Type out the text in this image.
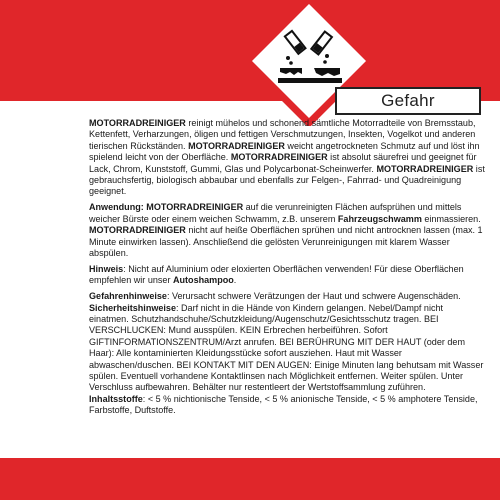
Gefahr

MOTORRADREINIGER reinigt mühelos und schonend sämtliche Motorradteile von Bremsstaub, Kettenfett, Verharzungen, öligen und fettigen Verschmutzungen, Insekten, Vogelkot und anderen tierischen Rückständen. MOTORRADREINIGER weicht angetrockneten Schmutz auf und löst ihn spielend leicht von der Oberfläche. MOTORRADREINIGER ist absolut säurefrei und geeignet für Lack, Chrom, Kunststoff, Gummi, Glas und Polycarbonat-Scheinwerfer. MOTORRADREINIGER ist gebrauchsfertig, biologisch abbaubar und ebenfalls zur Felgen-, Fahrrad- und Quadreinigung geeignet.

Anwendung: MOTORRADREINIGER auf die verunreinigten Flächen aufsprühen und mittels weicher Bürste oder einem weichen Schwamm, z.B. unserem Fahrzeugschwamm einmassieren. MOTORRADREINIGER nicht auf heiße Oberflächen sprühen und nicht antrocknen lassen (max. 1 Minute einwirken lassen). Anschließend die gelösten Verunreinigungen mit klarem Wasser abspülen.

Hinweis: Nicht auf Aluminium oder eloxierten Oberflächen verwenden! Für diese Oberflächen empfehlen wir unser Autoshampoo.

Gefahrenhinweise: Verursacht schwere Verätzungen der Haut und schwere Augenschäden.

Sicherheitshinweise: Darf nicht in die Hände von Kindern gelangen. Nebel/Dampf nicht einatmen. Schutzhandschuhe/Schutzkleidung/Augenschutz/Gesichtsschutz tragen. BEI VERSCHLUCKEN: Mund ausspülen. KEIN Erbrechen herbeiführen. Sofort GIFTINFORMATIONSZENTRUM/Arzt anrufen. BEI BERÜHRUNG MIT DER HAUT (oder dem Haar): Alle kontaminierten Kleidungsstücke sofort ausziehen. Haut mit Wasser abwaschen/duschen. BEI KONTAKT MIT DEN AUGEN: Einige Minuten lang behutsam mit Wasser spülen. Eventuell vorhandene Kontaktlinsen nach Möglichkeit entfernen. Weiter spülen. Unter Verschluss aufbewahren. Behälter nur restentleert der Wertstoffsammlung zuführen.

Inhaltsstoffe: < 5 % nichtionische Tenside, < 5 % anionische Tenside, < 5 % amphotere Tenside, Farbstoffe, Duftstoffe.
